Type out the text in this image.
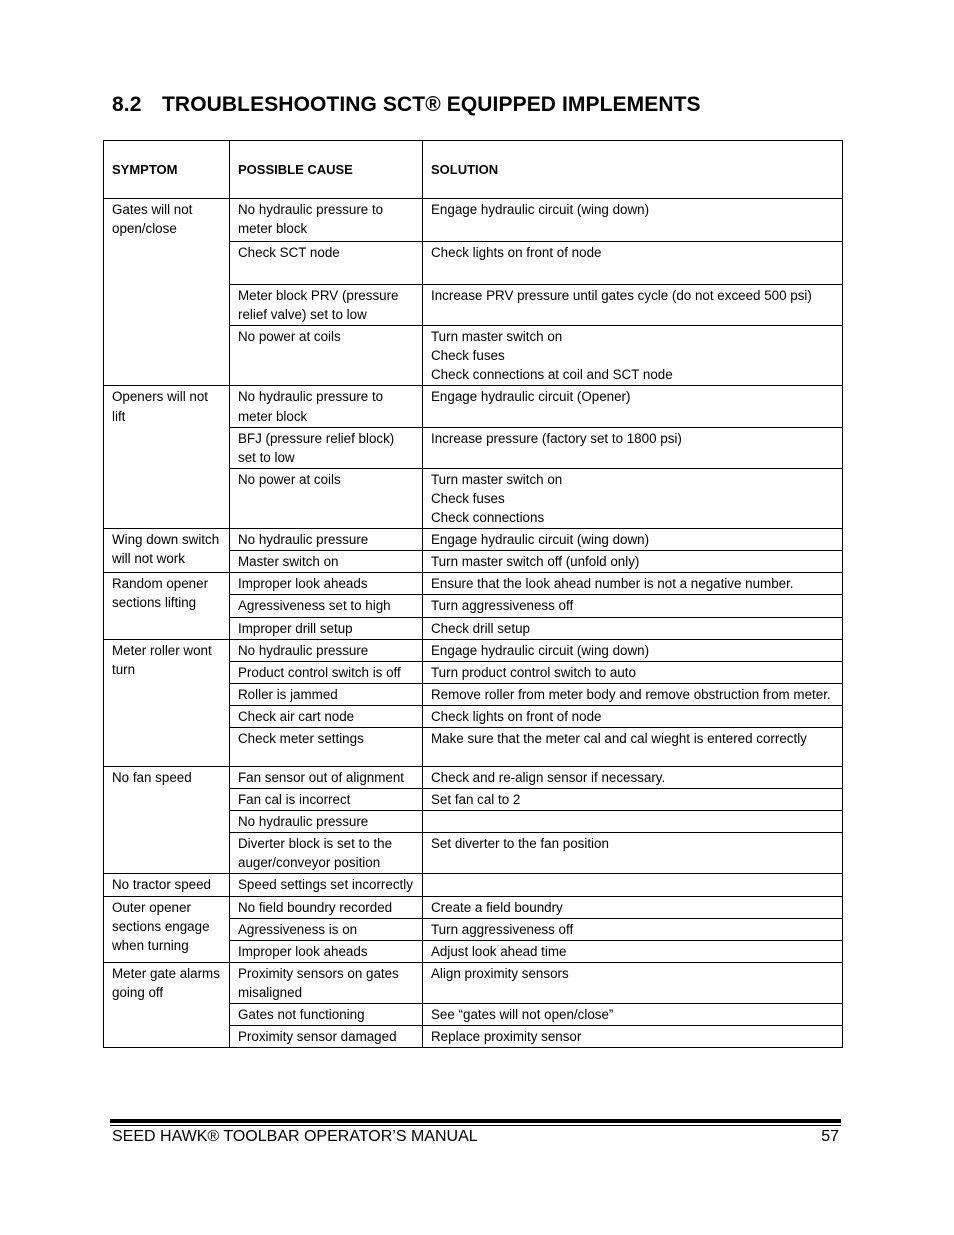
8.2 TROUBLESHOOTING SCT® EQUIPPED IMPLEMENTS
SYMPTOM	POSSIBLE CAUSE	SOLUTION
Gates will not open/close	No hydraulic pressure to meter block	Engage hydraulic circuit (wing down)

	Check SCT node	Check lights on front of node

	Meter block PRV (pressure relief valve) set to low	Increase PRV pressure until gates cycle (do not exceed 500 psi)

	No power at coils	Turn master switch on
Check fuses
Check connections at coil and SCT node

Openers will not lift	No hydraulic pressure to meter block	Engage hydraulic circuit (Opener)

	BFJ (pressure relief block) set to low	Increase pressure (factory set to 1800 psi)

	No power at coils	Turn master switch on
Check fuses
Check connections

Wing down switch will not work	No hydraulic pressure	Engage hydraulic circuit (wing down)

	Master switch on	Turn master switch off (unfold only)

Random opener sections lifting	Improper look aheads	Ensure that the look ahead number is not a negative number.

	Agressiveness set to high	Turn aggressiveness off

	Improper drill setup	Check drill setup

Meter roller wont turn	No hydraulic pressure	Engage hydraulic circuit (wing down)

	Product control switch is off	Turn product control switch to auto

	Roller is jammed	Remove roller from meter body and remove obstruction from meter.

	Check air cart node	Check lights on front of node

	Check meter settings	Make sure that the meter cal and cal wieght is entered correctly

No fan speed	Fan sensor out of alignment	Check and re-align sensor if necessary.

	Fan cal is incorrect	Set fan cal to 2

	No hydraulic pressure	
	Diverter block is set to the auger/conveyor position	Set diverter to the fan position

No tractor speed	Speed settings set incorrectly	
Outer opener sections engage when turning	No field boundry recorded	Create a field boundry

	Agressiveness is on	Turn aggressiveness off

	Improper look aheads	Adjust look ahead time

Meter gate alarms going off	Proximity sensors on gates misaligned	Align proximity sensors

	Gates not functioning	See “gates will not open/close”

	Proximity sensor damaged	Replace proximity sensor
SEED HAWK® TOOLBAR OPERATOR’S MANUAL	57
